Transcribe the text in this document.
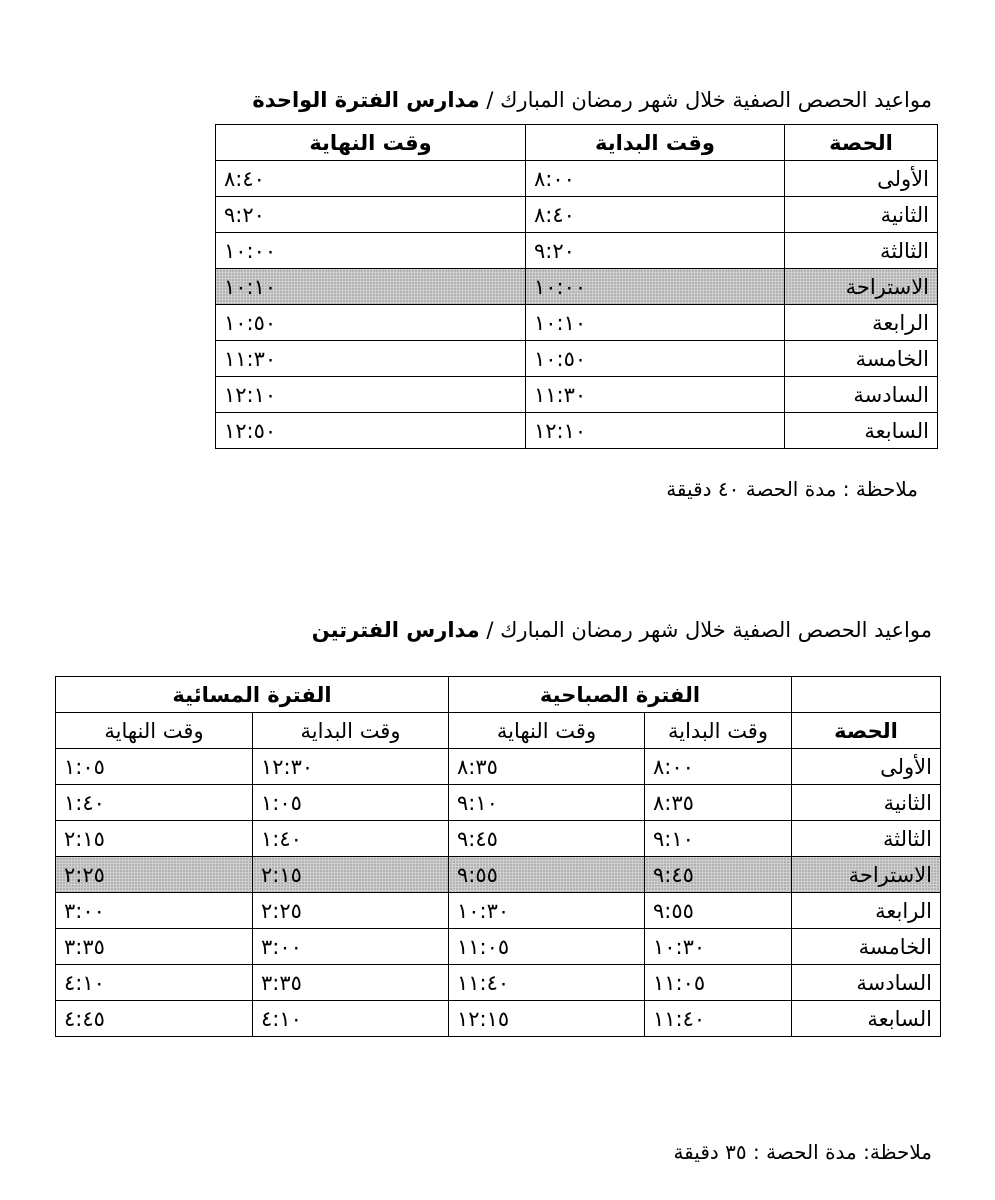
مواعيد الحصص الصفية خلال شهر رمضان المبارك / مدارس الفترة الواحدة
الحصة	وقت البداية	وقت النهاية
الأولى	٨:٠٠	٨:٤٠
الثانية	٨:٤٠	٩:٢٠
الثالثة	٩:٢٠	١٠:٠٠
الاستراحة	١٠:٠٠	١٠:١٠
الرابعة	١٠:١٠	١٠:٥٠
الخامسة	١٠:٥٠	١١:٣٠
السادسة	١١:٣٠	١٢:١٠
السابعة	١٢:١٠	١٢:٥٠
ملاحظة : مدة الحصة ٤٠ دقيقة
مواعيد الحصص الصفية خلال شهر رمضان المبارك / مدارس الفترتين
	الفترة الصباحية		الفترة المسائية	
الحصة	وقت البداية	وقت النهاية	وقت البداية	وقت النهاية
الأولى	٨:٠٠	٨:٣٥	١٢:٣٠	١:٠٥
الثانية	٨:٣٥	٩:١٠	١:٠٥	١:٤٠
الثالثة	٩:١٠	٩:٤٥	١:٤٠	٢:١٥
الاستراحة	٩:٤٥	٩:٥٥	٢:١٥	٢:٢٥
الرابعة	٩:٥٥	١٠:٣٠	٢:٢٥	٣:٠٠
الخامسة	١٠:٣٠	١١:٠٥	٣:٠٠	٣:٣٥
السادسة	١١:٠٥	١١:٤٠	٣:٣٥	٤:١٠
السابعة	١١:٤٠	١٢:١٥	٤:١٠	٤:٤٥
ملاحظة: مدة الحصة : ٣٥ دقيقة
